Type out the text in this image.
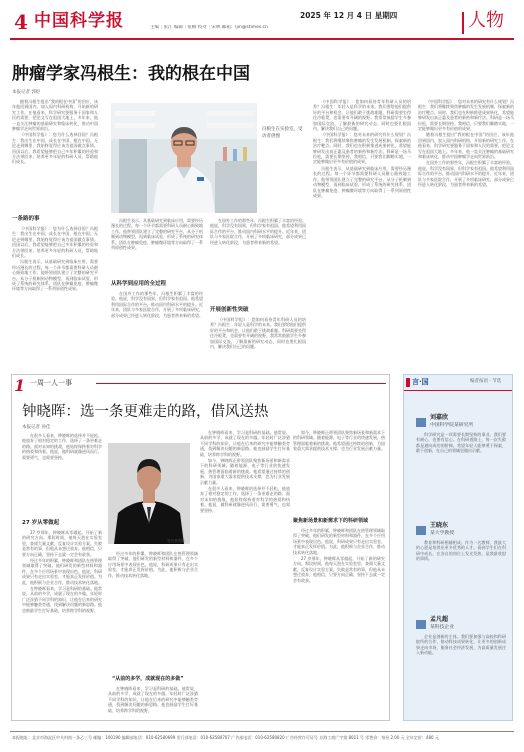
4 中国科学报	2025 年 12 月 4 日 星期四
主编｜张江 编辑｜张楠 校对｜宋林 邮箱：ljin@stimes.cn	人物
肿瘤学家冯根生：我的根在中国
本报记者 郭炬
冯根生在实验室。受访者供图

随着冯根生提出“我的根在中国”的回应，该年他回到国内，加入国内科研机构，开始新的研究工作。在他看来，科学研究要服务于国家和人民的需要，把论文写在祖国大地上。多年来，他一直关注肿瘤的基础研究和临床转化，推动中国肿瘤学走向世界前沿。

《中国科学报》：您为什么选择回国？冯根生：我出生在中国，成长在中国，根在中国。无论走到哪里，我始终觉得应该为祖国做点事情。回国以后，我希望能够把自己多年积累的经验和方法带回来，培养更多年轻的科研人员，帮助他们成长。

一条路的事

《中国科学报》：您为什么选择回国？冯根生：我出生在中国，成长在中国，根在中国。无论走到哪里，我始终觉得应该为祖国做点事情。回国以后，我希望能够把自己多年积累的经验和方法带回来，培养更多年轻的科研人员，帮助他们成长。

冯根生表示，从基础研究到临床应用，需要经历漫长的过程。每一个环节都需要科研人员耐心细致地工作。他带领团队建立了完整的研究平台，从分子机制到动物模型，再到临床试验，形成了系统的研究体系。团队在肿瘤免疫、肿瘤微环境等方向取得了一系列原创性成果。

冯根生表示，从基础研究到临床应用，需要经历漫长的过程。每一个环节都需要科研人员耐心细致地工作。他带领团队建立了完整的研究平台，从分子机制到动物模型，再到临床试验，形成了系统的研究体系。团队在肿瘤免疫、肿瘤微环境等方向取得了一系列原创性成果。

从科学到应用的全过程

在国外工作的那些年，冯根生积累了丰富的经验。他说，科学没有国界，但科学家有祖国。他希望利用国际合作的平台，推动国内科研水平的提升。近年来，团队与多家医院合作，开展了多项临床研究，部分成果已经进入转化阶段，为患者带来新的希望。

在国外工作的那些年，冯根生积累了丰富的经验。他说，科学没有国界，但科学家有祖国。他希望利用国际合作的平台，推动国内科研水平的提升。近年来，团队与多家医院合作，开展了多项临床研究，部分成果已经进入转化阶段，为患者带来新的希望。

开展创新性突破

《中国科学报》：您如何看待青年科研人员的培养？冯根生：年轻人是科学的未来。我们要给他们提供好的平台和机会，让他们敢于挑战难题。科研需要坐得住冷板凳，也需要有开阔的视野。我常常鼓励学生多参加国际交流，了解最新的研究动态，同时也要扎根国内，解决我们自己的问题。

《中国科学报》：您如何看待青年科研人员的培养？冯根生：年轻人是科学的未来。我们要给他们提供好的平台和机会，让他们敢于挑战难题。科研需要坐得住冷板凳，也需要有开阔的视野。我常常鼓励学生多参加国际交流，了解最新的研究动态，同时也要扎根国内，解决我们自己的问题。

《中国科学报》：您对未来的研究有什么规划？冯根生：我们将继续聚焦肿瘤的发生发展机制，探索新的治疗靶点。同时，我们也在积极推进成果转化，希望能够研发出真正惠及患者的新药和新疗法。科研是一场马拉松，需要长期坚持。我相信，只要我们脚踏实地，一定能够做出更多有价值的成果。

冯根生表示，从基础研究到临床应用，需要经历漫长的过程。每一个环节都需要科研人员耐心细致地工作。他带领团队建立了完整的研究平台，从分子机制到动物模型，再到临床试验，形成了系统的研究体系。团队在肿瘤免疫、肿瘤微环境等方向取得了一系列原创性成果。

《中国科学报》：您对未来的研究有什么规划？冯根生：我们将继续聚焦肿瘤的发生发展机制，探索新的治疗靶点。同时，我们也在积极推进成果转化，希望能够研发出真正惠及患者的新药和新疗法。科研是一场马拉松，需要长期坚持。我相信，只要我们脚踏实地，一定能够做出更多有价值的成果。

随着冯根生提出“我的根在中国”的回应，该年他回到国内，加入国内科研机构，开始新的研究工作。在他看来，科学研究要服务于国家和人民的需要，把论文写在祖国大地上。多年来，他一直关注肿瘤的基础研究和临床转化，推动中国肿瘤学走向世界前沿。

在国外工作的那些年，冯根生积累了丰富的经验。他说，科学没有国界，但科学家有祖国。他希望利用国际合作的平台，推动国内科研水平的提升。近年来，团队与多家医院合作，开展了多项临床研究，部分成果已经进入转化阶段，为患者带来新的希望。

1 一周一人一事
钟晓晖：选一条更难走的路，借风送热
本报记者 孙佳
受访者供图

在很多人看来，钟晓晖的选择并不轻松。他放弃了相对稳定的工作，选择了一条更难走的路。面对未知的挑战，他始终保持着对科学的热爱和执着。他说，做科研就像逆风而行，需要勇气，也需要坚持。

27 岁从零做起

27 岁那年，钟晓晖从零做起，开始了新的研究方向。那段时间，他每天泡在实验室里，查阅大量文献，反复设计实验方案。失败是常有的事，但他从未想过放弃。他相信，只要方向正确，坚持下去就一定会有收获。

经过多年的积累，钟晓晖和团队在热管理领域取得了突破。他们研发的新型材料和器件，在多个应用场景中表现出色。他说，科研成果只有走出实验室，才能真正发挥价值。为此，他积极与企业合作，推动技术转化落地。

在钟晓晖看来，学习是科研的基础。他常说，从前的多学，成就了现在的多做。年轻时广泛涉猎不同学科的知识，让他在后来的研究中能够触类旁通，找到解决问题的新思路。他也鼓励学生打好基础，培养跨学科的视野。

经过多年的积累，钟晓晖和团队在热管理领域取得了突破。他们研发的新型材料和器件，在多个应用场景中表现出色。他说，科研成果只有走出实验室，才能真正发挥价值。为此，他积极与企业合作，推动技术转化落地。

“从前的多学，成就现在的多做”

在钟晓晖看来，学习是科研的基础。他常说，从前的多学，成就了现在的多做。年轻时广泛涉猎不同学科的知识，让他在后来的研究中能够触类旁通，找到解决问题的新思路。他也鼓励学生打好基础，培养跨学科的视野。

在钟晓晖看来，学习是科研的基础。他常说，从前的多学，成就了现在的多做。年轻时广泛涉猎不同学科的知识，让他在后来的研究中能够触类旁通，找到解决问题的新思路。他也鼓励学生打好基础，培养跨学科的视野。

如今，钟晓晖正带领团队聚焦新场景和新需求下的科研领域。随着能源、电子等行业的快速发展，热管理面临着新的挑战。他希望通过持续的创新，为国家重大需求提供技术支撑，也为行业发展贡献力量。

在很多人看来，钟晓晖的选择并不轻松。他放弃了相对稳定的工作，选择了一条更难走的路。面对未知的挑战，他始终保持着对科学的热爱和执着。他说，做科研就像逆风而行，需要勇气，也需要坚持。

如今，钟晓晖正带领团队聚焦新场景和新需求下的科研领域。随着能源、电子等行业的快速发展，热管理面临着新的挑战。他希望通过持续的创新，为国家重大需求提供技术支撑，也为行业发展贡献力量。

聚焦新场景和新需求下的科研领域

经过多年的积累，钟晓晖和团队在热管理领域取得了突破。他们研发的新型材料和器件，在多个应用场景中表现出色。他说，科研成果只有走出实验室，才能真正发挥价值。为此，他积极与企业合作，推动技术转化落地。

27 岁那年，钟晓晖从零做起，开始了新的研究方向。那段时间，他每天泡在实验室里，查阅大量文献，反复设计实验方案。失败是常有的事，但他从未想过放弃。他相信，只要方向正确，坚持下去就一定会有收获。

言·国	编者按语 · 节选
刘嘉欣
中国科学院某研究所

科学研究是一项需要长期坚持的事业。我们要有耐心，也要有信心。在科研道路上，每一次失败都是通向成功的阶梯。希望年轻人能够勇于探索，敢于创新，在自己的领域里做出贡献。

王晓东
某大学教授

教育和科研相辅相成。作为一名教师，我最大的心愿是培养出更多优秀的人才。看到学生们在科研中成长，在各自的岗位上发光发热，是我最欣慰的事情。

孟凡超
某科技企业

企业是创新的主体。我们要加强与高校和科研院所的合作，推动科技成果转化，让更多的创新成果走向市场，服务社会经济发展，为高质量发展注入新动能。

本报地址：北京市海淀区中关村南一条乙三号 邮编：100190 编辑部电话：010-62580699 发行部电话：010-62580707 广告部电话：010-62580820 广告经营许可证号 京海工商广字第 8011 号 零售价：每份 2.00 元 全年定价：480 元
